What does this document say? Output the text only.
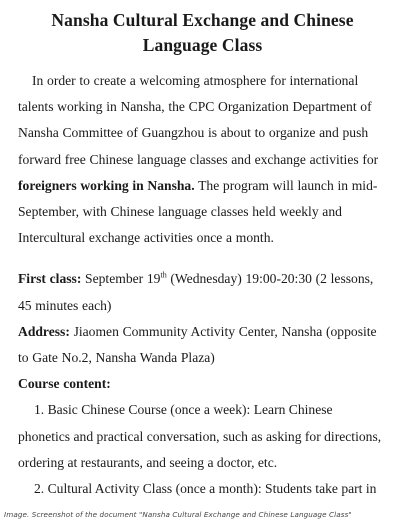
Nansha Cultural Exchange and Chinese
Language Class

In order to create a welcoming atmosphere for international talents working in Nansha, the CPC Organization Department of Nansha Committee of Guangzhou is about to organize and push forward free Chinese language classes and exchange activities for foreigners working in Nansha. The program will launch in mid-September, with Chinese language classes held weekly and Intercultural exchange activities once a month.

First class: September 19th (Wednesday) 19:00-20:30 (2 lessons, 45 minutes each)

Address: Jiaomen Community Activity Center, Nansha (opposite to Gate No.2, Nansha Wanda Plaza)

Course content:

1. Basic Chinese Course (once a week): Learn Chinese phonetics and practical conversation, such as asking for directions, ordering at restaurants, and seeing a doctor, etc.

2. Cultural Activity Class (once a month): Students take part in

Image. Screenshot of the document "Nansha Cultural Exchange and Chinese Language Class"
